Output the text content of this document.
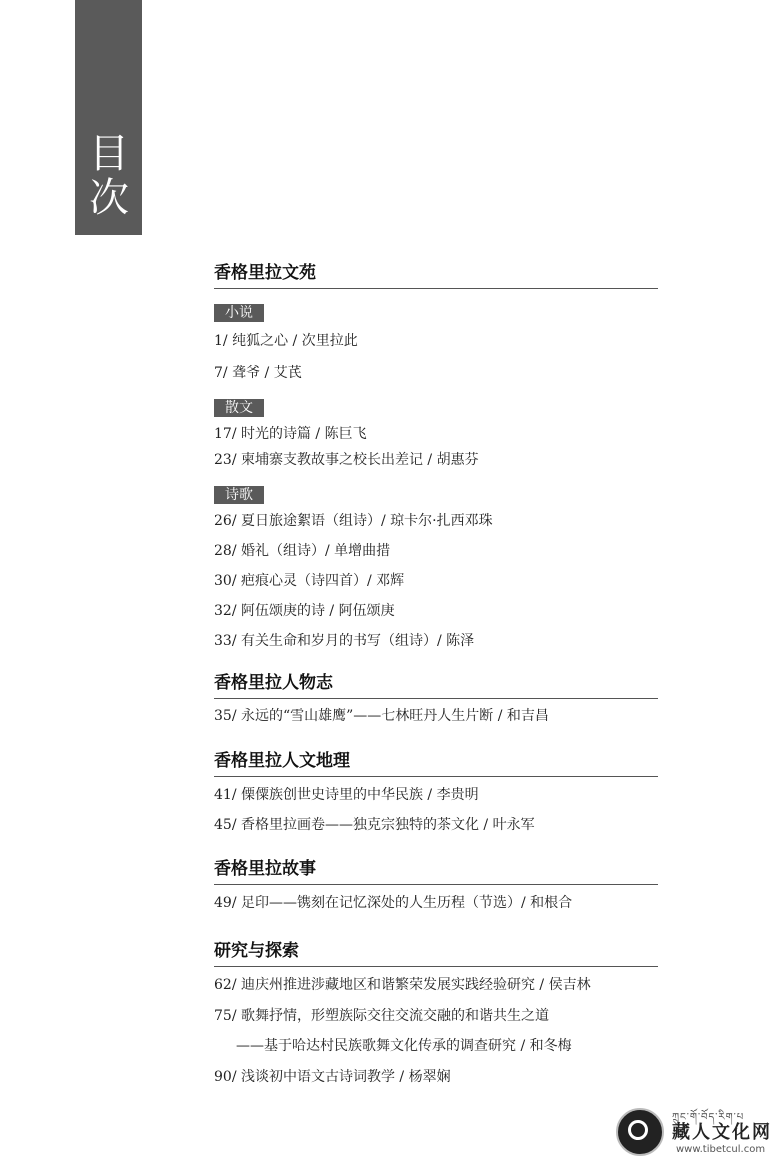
目
次
香格里拉文苑
小说
1/ 纯狐之心 / 次里拉此
7/ 聋爷 / 艾芪
散文
17/ 时光的诗篇 / 陈巨飞
23/ 柬埔寨支教故事之校长出差记 / 胡惠芬
诗歌
26/ 夏日旅途絮语（组诗）/ 琼卡尔·扎西邓珠
28/ 婚礼（组诗）/ 单增曲措
30/ 疤痕心灵（诗四首）/ 邓辉
32/ 阿伍颂庚的诗 / 阿伍颂庚
33/ 有关生命和岁月的书写（组诗）/ 陈泽
香格里拉人物志
35/ 永远的“雪山雄鹰”——七林旺丹人生片断 / 和吉昌
香格里拉人文地理
41/ 傈僳族创世史诗里的中华民族 / 李贵明
45/ 香格里拉画卷——独克宗独特的茶文化 / 叶永军
香格里拉故事
49/ 足印——镌刻在记忆深处的人生历程（节选）/ 和根合
研究与探索
62/ 迪庆州推进涉藏地区和谐繁荣发展实践经验研究 / 侯吉林
75/ 歌舞抒情，形塑族际交往交流交融的和谐共生之道
——基于哈达村民族歌舞文化传承的调查研究 / 和冬梅
90/ 浅谈初中语文古诗词教学 / 杨翠娴
ཀྲུང་གོ་བོད་རིག་པ
藏人文化网
www.tibetcul.com
